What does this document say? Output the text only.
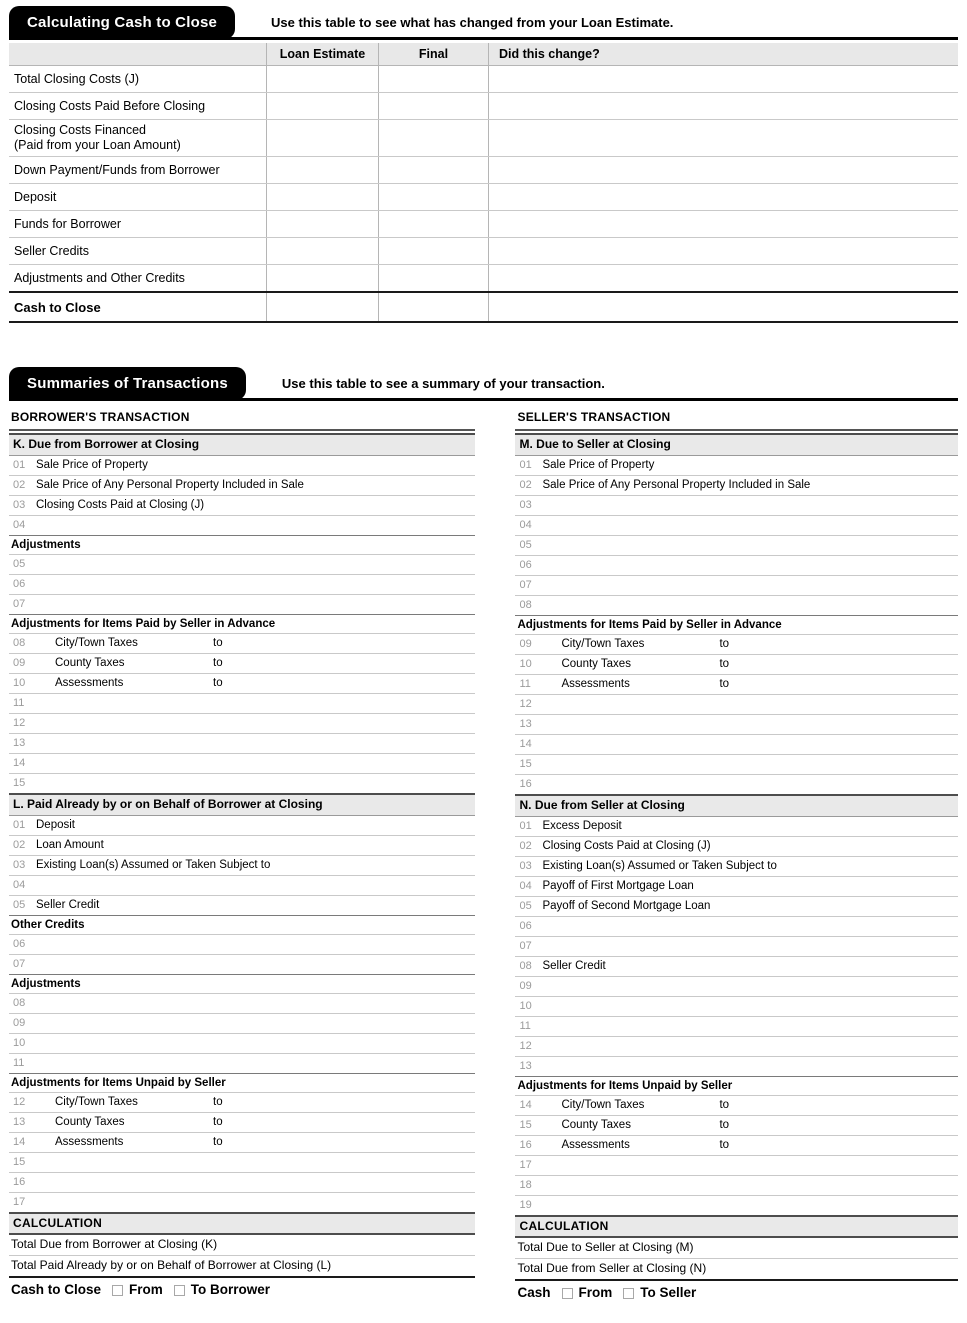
Calculating Cash to Close	Use this table to see what has changed from your Loan Estimate.
Loan Estimate	Final	Did this change?
Total Closing Costs (J)
Closing Costs Paid Before Closing
Closing Costs Financed
(Paid from your Loan Amount)
Down Payment/Funds from Borrower
Deposit
Funds for Borrower
Seller Credits
Adjustments and Other Credits
Cash to Close
Summaries of Transactions	Use this table to see a summary of your transaction.
BORROWER'S TRANSACTION
K. Due from Borrower at Closing
01 Sale Price of Property
02 Sale Price of Any Personal Property Included in Sale
03 Closing Costs Paid at Closing (J)
04
Adjustments
05
06
07
Adjustments for Items Paid by Seller in Advance
08	City/Town Taxes	to
09	County Taxes	to
10	Assessments	to
11
12
13
14
15
L. Paid Already by or on Behalf of Borrower at Closing
01 Deposit
02 Loan Amount
03 Existing Loan(s) Assumed or Taken Subject to
04
05 Seller Credit
Other Credits
06
07
Adjustments
08
09
10
11
Adjustments for Items Unpaid by Seller
12	City/Town Taxes	to
13	County Taxes	to
14	Assessments	to
15
16
17
CALCULATION
Total Due from Borrower at Closing (K)
Total Paid Already by or on Behalf of Borrower at Closing (L)
Cash to Close From To Borrower
SELLER'S TRANSACTION
M. Due to Seller at Closing
01 Sale Price of Property
02 Sale Price of Any Personal Property Included in Sale
03
04
05
06
07
08
Adjustments for Items Paid by Seller in Advance
09	City/Town Taxes	to
10	County Taxes	to
11	Assessments	to
12
13
14
15
16
N. Due from Seller at Closing
01 Excess Deposit
02 Closing Costs Paid at Closing (J)
03 Existing Loan(s) Assumed or Taken Subject to
04 Payoff of First Mortgage Loan
05 Payoff of Second Mortgage Loan
06
07
08 Seller Credit
09
10
11
12
13
Adjustments for Items Unpaid by Seller
14	City/Town Taxes	to
15	County Taxes	to
16	Assessments	to
17
18
19
CALCULATION
Total Due to Seller at Closing (M)
Total Due from Seller at Closing (N)
Cash From To Seller
